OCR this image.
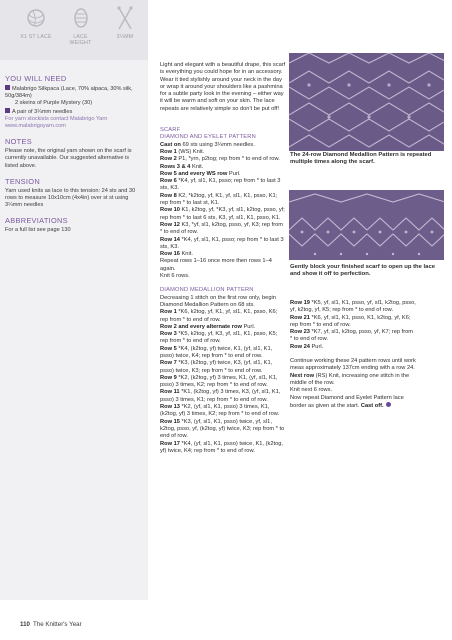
X1 ST LACE	LACE WEIGHT
3¼MM
YOU WILL NEED
Malabrigo Silkpaca (Lace, 70% alpaca, 30% silk, 50g/384m)
2 skeins of Purple Mystery (30)
A pair of 3¼mm needles
For yarn stockists contact Malabrigo Yarn www.malabrigoyarn.com
NOTES
Please note, the original yarn shown on the scarf is currently unavailable. Our suggested alternative is listed above.
TENSION
Yarn used knits as lace to this tension: 24 sts and 30 rows to measure 10x10cm (4x4in) over st st using 3¼mm needles
ABBREVIATIONS
For a full list see page 130

Light and elegant with a beautiful drape, this scarf is everything you could hope for in an accessory. Wear it tied stylishly around your neck in the day or wrap it around your shoulders like a pashmina for a subtle party look in the evening – either way it will be warm and soft on your skin. The lace repeats are relatively simple so don't be put off!

SCARF

DIAMOND AND EYELET PATTERN

Cast on 69 sts using 3¼mm needles.

Row 1 (WS) Knit.

Row 2 P1, *yrn, p2tog; rep from * to end of row.

Rows 3 & 4 Knit.

Row 5 and every WS row Purl.

Row 6 *K4, yf, sl1, K1, psso; rep from * to last 3 sts, K3.

Row 8 K2, *k2tog, yf, K1, yf, sl1, K1, psso, K1; rep from * to last st, K1.

Row 10 K1, k2tog, yf, *K3, yf, sl1, k2tog, psso, yf; rep from * to last 6 sts, K3, yf, sl1, K1, psso, K1.

Row 12 K3, *yf, sl1, k2tog, psso, yf, K3; rep from * to end of row.

Row 14 *K4, yf, sl1, K1, psso; rep from * to last 3 sts, K3.

Row 16 Knit.

Repeat rows 1–16 once more then rows 1–4 again.

Knit 6 rows.

DIAMOND MEDALLION PATTERN

Decreasing 1 stitch on the first row only, begin Diamond Medallion Pattern on 68 sts.

Row 1 *K6, k2tog, yf, K1, yf, sl1, K1, psso, K6; rep from * to end of row.

Row 2 and every alternate row Purl.

Row 3 *K5, k2tog, yf, K3, yf, sl1, K1, psso, K5; rep from * to end of row.

Row 5 *K4, (k2tog, yf) twice, K1, (yf, sl1, K1, psso) twice, K4; rep from * to end of row.

Row 7 *K3, (k2tog, yf) twice, K3, (yf, sl1, K1, psso) twice, K3; rep from * to end of row.

Row 9 *K2, (k2tog, yf) 3 times, K1, (yf, sl1, K1, psso) 3 times, K2; rep from * to end of row.

Row 11 *K1, (k2tog, yf) 3 times, K3, (yf, sl1, K1, psso) 3 times, K1; rep from * to end of row.

Row 13 *K2, (yf, sl1, K1, psso) 3 times, K1, (k2tog, yf) 3 times, K2; rep from * to end of row.

Row 15 *K3, (yf, sl1, K1, psso) twice, yf, sl1, k2tog, psso, yf, (k2tog, yf) twice, K3; rep from * to end of row.

Row 17 *K4, (yf, sl1, K1, psso) twice, K1, (k2tog, yf) twice, K4; rep from * to end of row.

The 24-row Diamond Medallion Pattern is repeated multiple times along the scarf.
Gently block your finished scarf to open up the lace and show it off to perfection.

Row 19 *K5, yf, sl1, K1, psso, yf, sl1, k2tog, psso, yf, k2tog, yf, K5; rep from * to end of row.

Row 21 *K6, yf, sl1, K1, psso, K1, k2tog, yf, K6; rep from * to end of row.

Row 23 *K7, yf, sl1, k2tog, psso, yf, K7; rep from * to end of row.

Row 24 Purl.

Continue working these 24 pattern rows until work meas approximately 137cm ending with a row 24.

Next row (RS) Knit, increasing one stitch in the middle of the row.

Knit next 6 rows.

Now repeat Diamond and Eyelet Pattern lace border as given at the start. Cast off.

110 The Knitter's Year
